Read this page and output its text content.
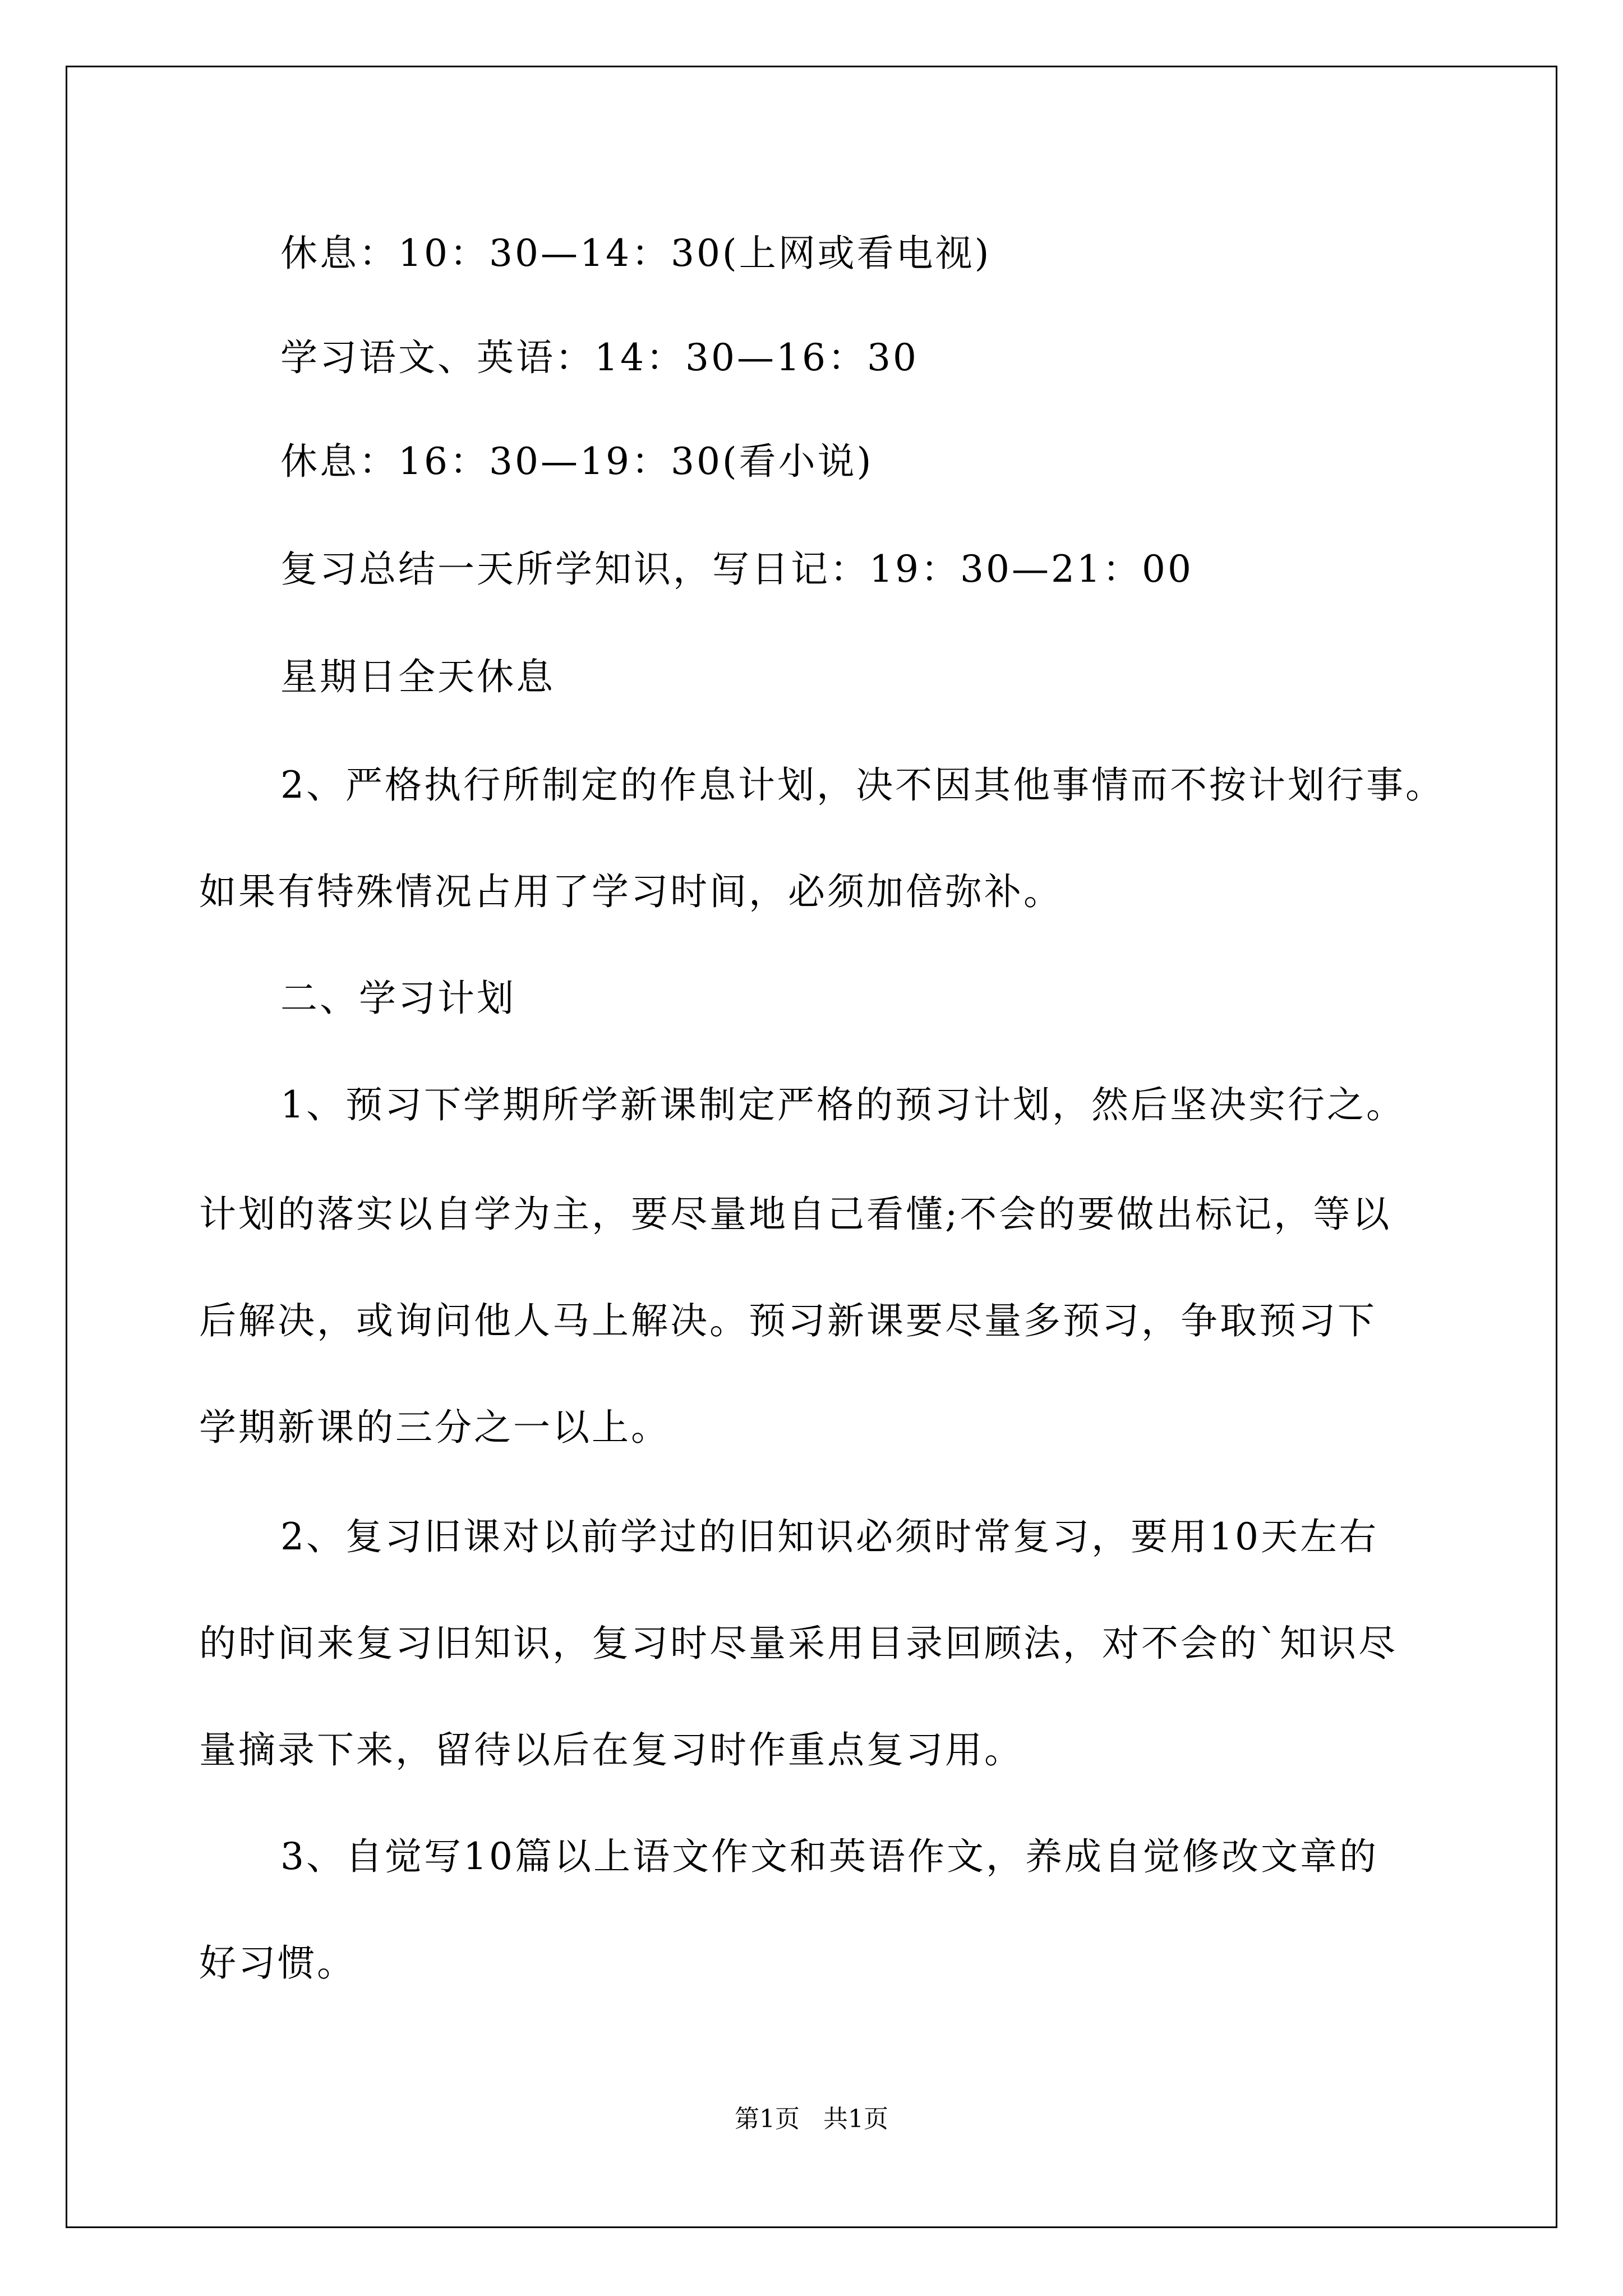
休息：10：30—14：30(上网或看电视)
学习语文、英语：14：30—16：30
休息：16：30—19：30(看小说)
复习总结一天所学知识，写日记：19：30—21：00
星期日全天休息
2、严格执行所制定的作息计划，决不因其他事情而不按计划行事。
如果有特殊情况占用了学习时间，必须加倍弥补。
二、学习计划
1、预习下学期所学新课制定严格的预习计划，然后坚决实行之。
计划的落实以自学为主，要尽量地自己看懂;不会的要做出标记，等以
后解决，或询问他人马上解决。预习新课要尽量多预习，争取预习下
学期新课的三分之一以上。
2、复习旧课对以前学过的旧知识必须时常复习，要用10天左右
的时间来复习旧知识，复习时尽量采用目录回顾法，对不会的`知识尽
量摘录下来，留待以后在复习时作重点复习用。
3、自觉写10篇以上语文作文和英语作文，养成自觉修改文章的
好习惯。
第1页   共1页
